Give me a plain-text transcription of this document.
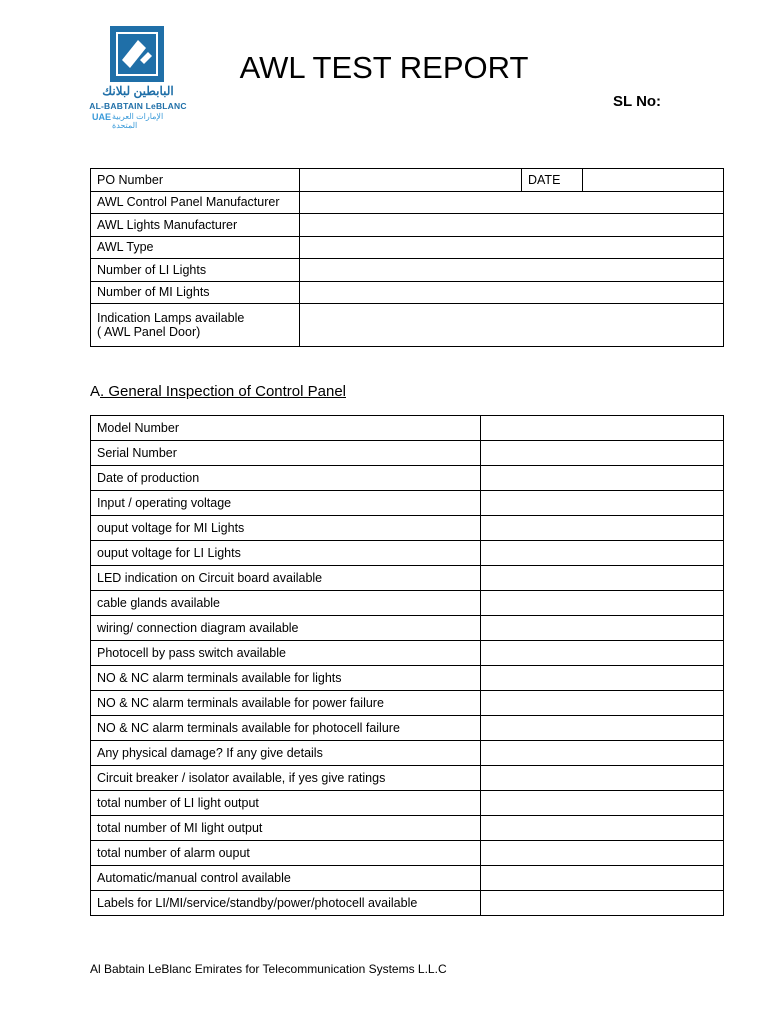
البابطين لبلانك
AL-BABTAIN LeBLANC
UAE الإمارات العربية المتحدة
AWL TEST REPORT
SL No:
PO Number		DATE	
AWL Control Panel Manufacturer			
AWL Lights Manufacturer			
AWL Type			
Number of LI Lights			
Number of MI Lights			
Indication Lamps available
( AWL Panel Door)			
A. General Inspection of Control Panel
Model Number	
Serial Number	
Date of production	
Input / operating voltage	
ouput voltage for MI Lights	
ouput voltage for LI Lights	
LED indication on Circuit board available	
cable glands available	
wiring/ connection diagram available	
Photocell by pass switch available	
NO & NC alarm terminals available for lights	
NO & NC alarm terminals available for power failure	
NO & NC alarm terminals available for photocell failure	
Any physical damage? If any give details	
Circuit breaker / isolator available, if yes give ratings	
total number of LI light output	
total number of MI light output	
total number of alarm ouput	
Automatic/manual control available	
Labels for LI/MI/service/standby/power/photocell available	
Al Babtain LeBlanc Emirates for Telecommunication Systems L.L.C
